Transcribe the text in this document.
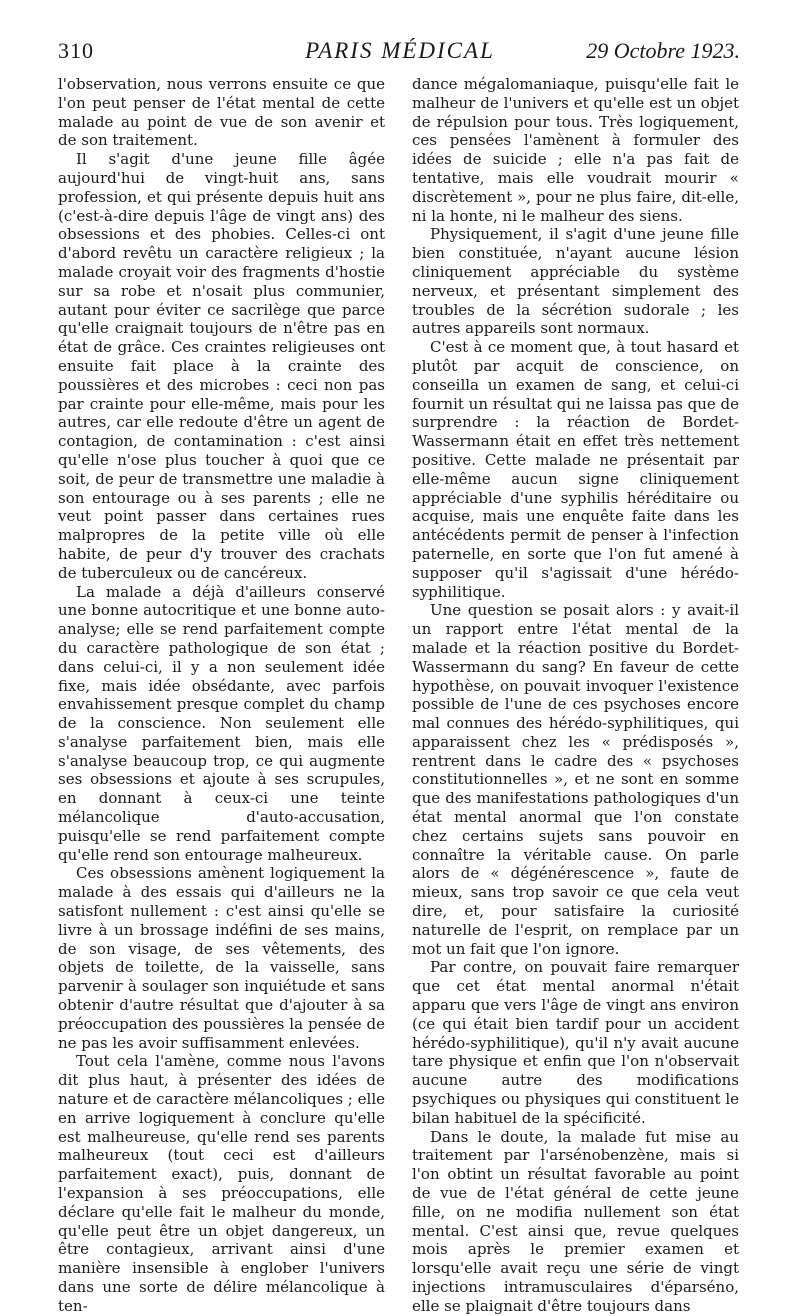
310	PARIS MÉDICAL	29 Octobre 1923.

l'observation, nous verrons ensuite ce que l'on peut penser de l'état mental de cette malade au point de vue de son avenir et de son traitement.

Il s'agit d'une jeune fille âgée aujourd'hui de vingt-huit ans, sans profession, et qui présente depuis huit ans (c'est-à-dire depuis l'âge de vingt ans) des obsessions et des phobies. Celles-ci ont d'abord revêtu un caractère religieux ; la malade croyait voir des fragments d'hostie sur sa robe et n'osait plus communier, autant pour éviter ce sacrilège que parce qu'elle craignait toujours de n'être pas en état de grâce. Ces craintes religieuses ont ensuite fait place à la crainte des poussières et des microbes : ceci non pas par crainte pour elle-même, mais pour les autres, car elle redoute d'être un agent de contagion, de contamination : c'est ainsi qu'elle n'ose plus toucher à quoi que ce soit, de peur de transmettre une maladie à son entourage ou à ses parents ; elle ne veut point passer dans certaines rues malpropres de la petite ville où elle habite, de peur d'y trouver des crachats de tuberculeux ou de cancéreux.

La malade a déjà d'ailleurs conservé une bonne autocritique et une bonne auto-analyse; elle se rend parfaitement compte du caractère pathologique de son état ; dans celui-ci, il y a non seulement idée fixe, mais idée obsédante, avec parfois envahissement presque complet du champ de la conscience. Non seulement elle s'analyse parfaitement bien, mais elle s'analyse beaucoup trop, ce qui augmente ses obsessions et ajoute à ses scrupules, en donnant à ceux-ci une teinte mélancolique d'auto-accusation, puisqu'elle se rend parfaitement compte qu'elle rend son entourage malheureux.

Ces obsessions amènent logiquement la malade à des essais qui d'ailleurs ne la satisfont nullement : c'est ainsi qu'elle se livre à un brossage indéfini de ses mains, de son visage, de ses vêtements, des objets de toilette, de la vaisselle, sans parvenir à soulager son inquiétude et sans obtenir d'autre résultat que d'ajouter à sa préoccupation des poussières la pensée de ne pas les avoir suffisamment enlevées.

Tout cela l'amène, comme nous l'avons dit plus haut, à présenter des idées de nature et de caractère mélancoliques ; elle en arrive logiquement à conclure qu'elle est malheureuse, qu'elle rend ses parents malheureux (tout ceci est d'ailleurs parfaitement exact), puis, donnant de l'expansion à ses préoccupations, elle déclare qu'elle fait le malheur du monde, qu'elle peut être un objet dangereux, un être contagieux, arrivant ainsi d'une manière insensible à englober l'univers dans une sorte de délire mélancolique à ten-

dance mégalomaniaque, puisqu'elle fait le malheur de l'univers et qu'elle est un objet de répulsion pour tous. Très logiquement, ces pensées l'amènent à formuler des idées de suicide ; elle n'a pas fait de tentative, mais elle voudrait mourir « discrètement », pour ne plus faire, dit-elle, ni la honte, ni le malheur des siens.

Physiquement, il s'agit d'une jeune fille bien constituée, n'ayant aucune lésion cliniquement appréciable du système nerveux, et présentant simplement des troubles de la sécrétion sudorale ; les autres appareils sont normaux.

C'est à ce moment que, à tout hasard et plutôt par acquit de conscience, on conseilla un examen de sang, et celui-ci fournit un résultat qui ne laissa pas que de surprendre : la réaction de Bordet-Wassermann était en effet très nettement positive. Cette malade ne présentait par elle-même aucun signe cliniquement appréciable d'une syphilis héréditaire ou acquise, mais une enquête faite dans les antécédents permit de penser à l'infection paternelle, en sorte que l'on fut amené à supposer qu'il s'agissait d'une hérédo-syphilitique.

Une question se posait alors : y avait-il un rapport entre l'état mental de la malade et la réaction positive du Bordet-Wassermann du sang? En faveur de cette hypothèse, on pouvait invoquer l'existence possible de l'une de ces psychoses encore mal connues des hérédo-syphilitiques, qui apparaissent chez les « prédisposés », rentrent dans le cadre des « psychoses constitutionnelles », et ne sont en somme que des manifestations pathologiques d'un état mental anormal que l'on constate chez certains sujets sans pouvoir en connaître la véritable cause. On parle alors de « dégénérescence », faute de mieux, sans trop savoir ce que cela veut dire, et, pour satisfaire la curiosité naturelle de l'esprit, on remplace par un mot un fait que l'on ignore.

Par contre, on pouvait faire remarquer que cet état mental anormal n'était apparu que vers l'âge de vingt ans environ (ce qui était bien tardif pour un accident hérédo-syphilitique), qu'il n'y avait aucune tare physique et enfin que l'on n'observait aucune autre des modifications psychiques ou physiques qui constituent le bilan habituel de la spécificité.

Dans le doute, la malade fut mise au traitement par l'arsénobenzène, mais si l'on obtint un résultat favorable au point de vue de l'état général de cette jeune fille, on ne modifia nullement son état mental. C'est ainsi que, revue quelques mois après le premier examen et lorsqu'elle avait reçu une série de vingt injections intramusculaires d'éparséno, elle se plaignait d'être toujours dans
